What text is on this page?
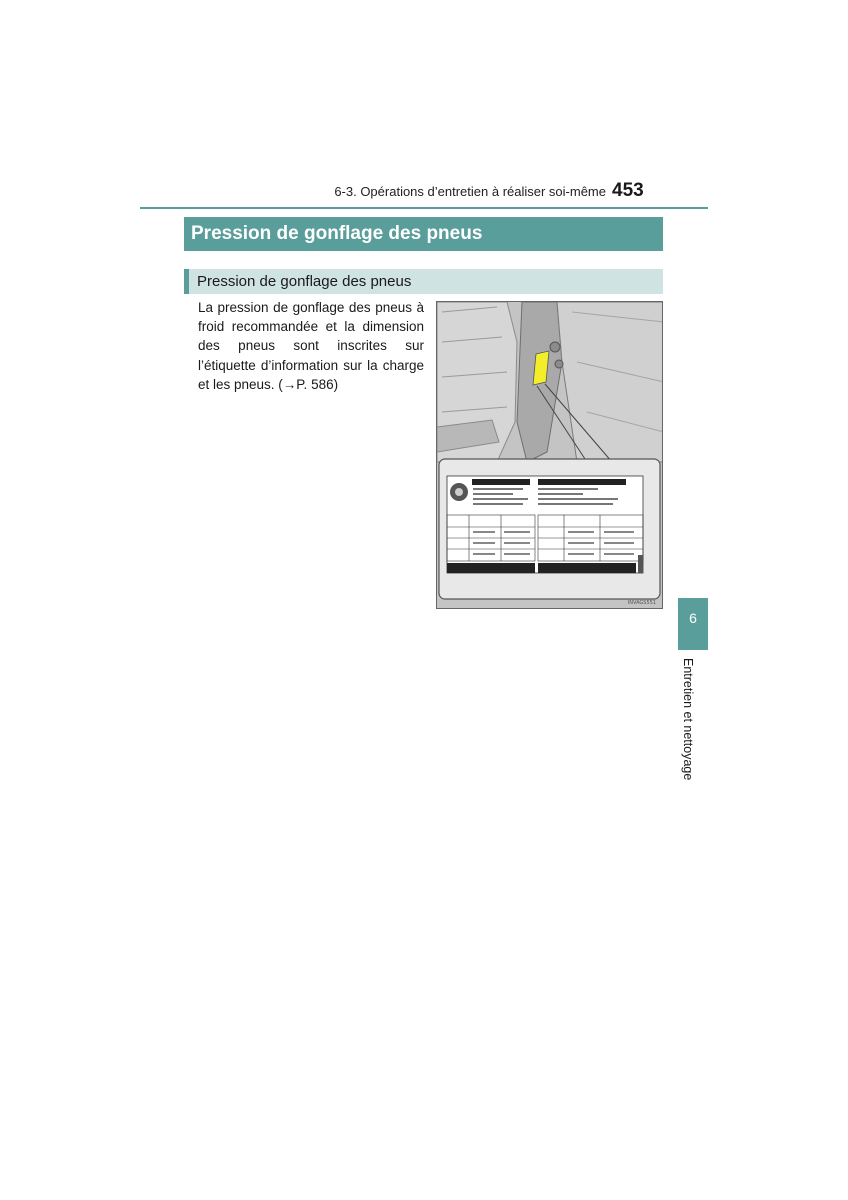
6-3. Opérations d’entretien à réaliser soi-même 453
Pression de gonflage des pneus
Pression de gonflage des pneus
La pression de gonflage des pneus à froid recommandée et la dimension des pneus sont inscrites sur l’étiquette d’information sur la charge et les pneus. (→P. 586)
INVAGS551
6
Entretien et nettoyage
